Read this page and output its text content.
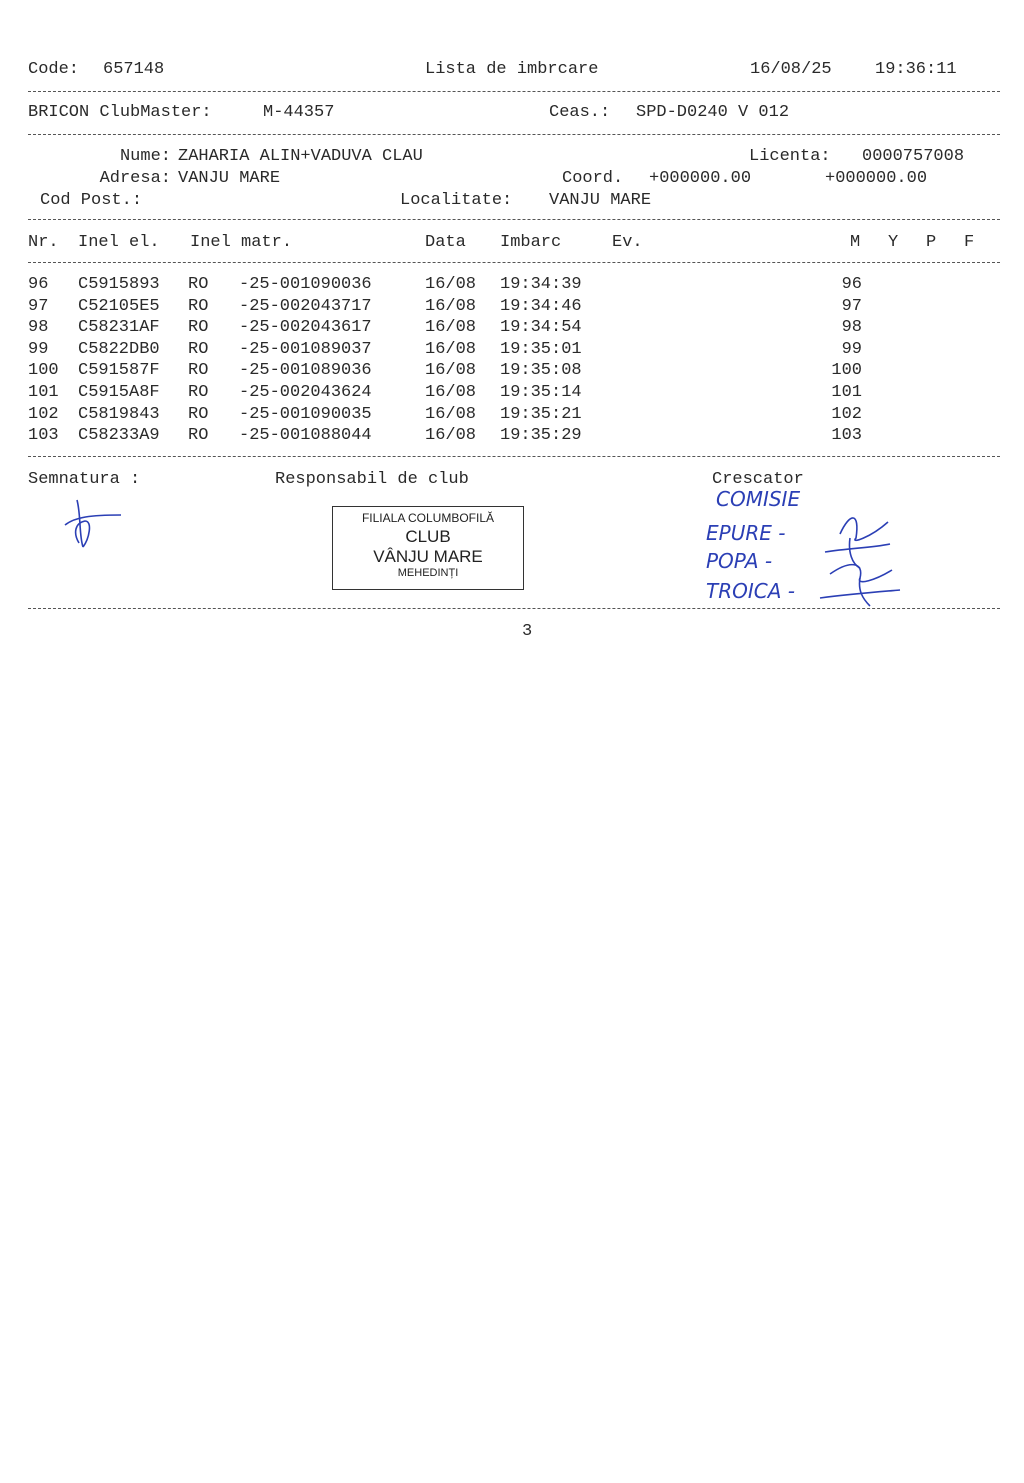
Code: 657148	Lista de imbrcare	16/08/25	19:36:11
BRICON ClubMaster:	M-44357	Ceas.: SPD-D0240 V 012
Nume: ZAHARIA ALIN+VADUVA CLAU	Licenta: 0000757008
Adresa: VANJU MARE	Coord. +000000.00	+000000.00
Cod Post.:	Localitate: VANJU MARE
Nr. Inel el. Inel matr.	Data Imbarc	Ev.	M Y P F
96 C5915893 RO -25-001090036	16/08 19:34:39	96
97 C52105E5 RO -25-002043717	16/08 19:34:46	97
98 C58231AF RO -25-002043617	16/08 19:34:54	98
99 C5822DB0 RO -25-001089037	16/08 19:35:01	99
100 C591587F RO -25-001089036	16/08 19:35:08	100
101 C5915A8F RO -25-002043624	16/08 19:35:14	101
102 C5819843 RO -25-001090035	16/08 19:35:21	102
103 C58233A9 RO -25-001088044	16/08 19:35:29	103
Semnatura :	Responsabil de club	Crescator
FILIALA COLUMBOFILĂ
CLUB
VÂNJU MARE
MEHEDINȚI
COMISIE
EPURE -
POPA -
TROICA -
3
